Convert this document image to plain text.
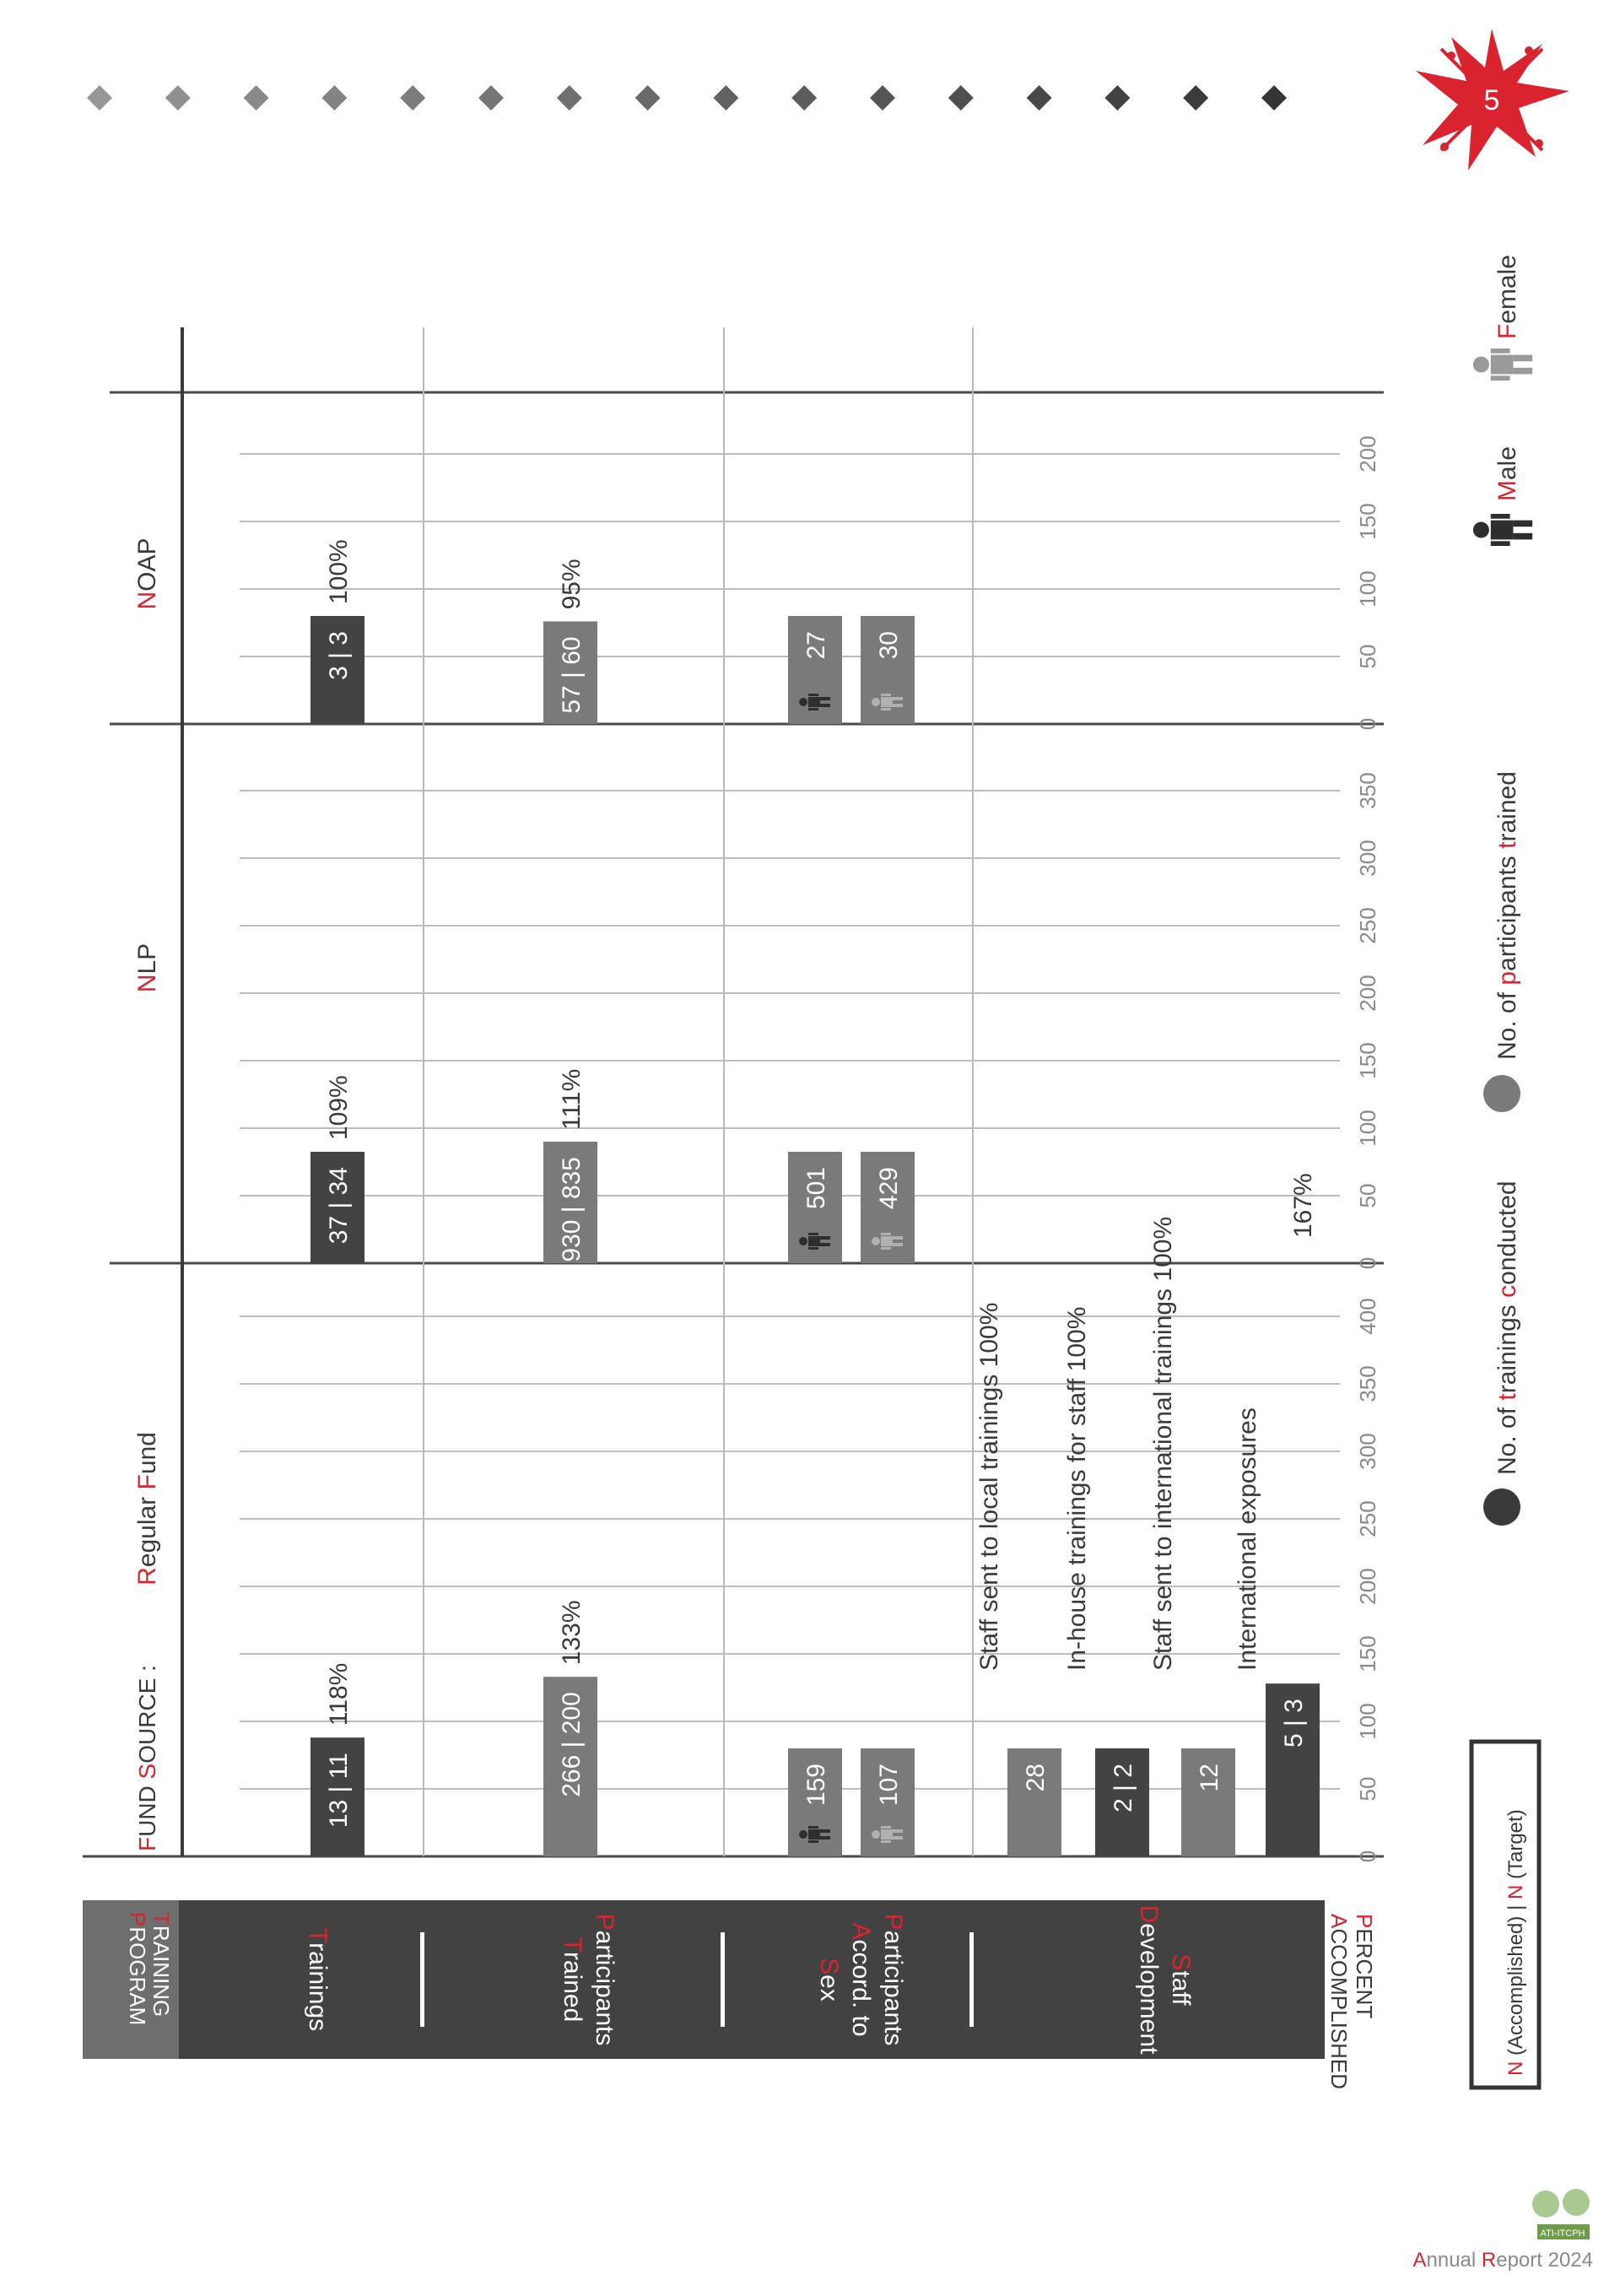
5
TRAINING
PROGRAM	Trainings
Participants
Trained
Participants
Accord. to
Sex
Staff
Development
0
50
100
150
200
250
300
350
400
0
50
100
150
200
250
300
350
0
50
100
150
200
13 | 11
118%	266 | 200
133%
159 107	28
Staff sent to local trainings 100%
2 | 2
In-house trainings for staff 100%
12
Staff sent to international trainings 100%
5 | 3
International exposures
167%
37 | 34
109%
930 | 835
111%
501 429
3 | 3
100%
57 | 60
95%
27 30
FUND SOURCE :
Regular Fund
NLP
NOAP
PERCENT
ACCOMPLISHED	N (Accomplished) | N (Target)
No. of trainings conducted
No. of participants trained
Male
Female
ATI-ITCPH
Annual Report 2024
